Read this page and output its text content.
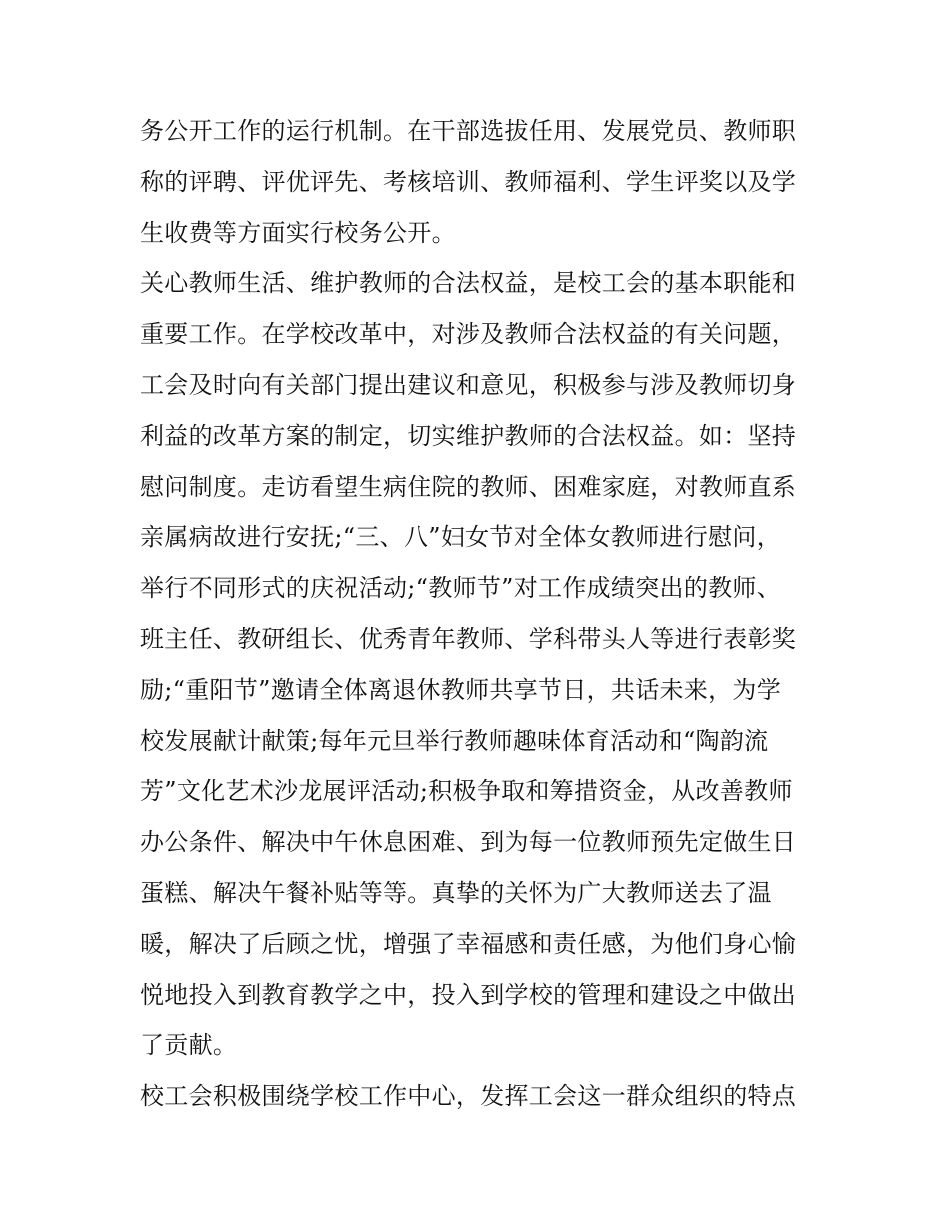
务公开工作的运行机制。在干部选拔任用、发展党员、教师职
称的评聘、评优评先、考核培训、教师福利、学生评奖以及学
生收费等方面实行校务公开。
关心教师生活、维护教师的合法权益，是校工会的基本职能和
重要工作。在学校改革中，对涉及教师合法权益的有关问题，
工会及时向有关部门提出建议和意见，积极参与涉及教师切身
利益的改革方案的制定，切实维护教师的合法权益。如：坚持
慰问制度。走访看望生病住院的教师、困难家庭，对教师直系
亲属病故进行安抚;“三、八”妇女节对全体女教师进行慰问，
举行不同形式的庆祝活动;“教师节”对工作成绩突出的教师、
班主任、教研组长、优秀青年教师、学科带头人等进行表彰奖
励;“重阳节”邀请全体离退休教师共享节日，共话未来，为学
校发展献计献策;每年元旦举行教师趣味体育活动和“陶韵流
芳”文化艺术沙龙展评活动;积极争取和筹措资金，从改善教师
办公条件、解决中午休息困难、到为每一位教师预先定做生日
蛋糕、解决午餐补贴等等。真挚的关怀为广大教师送去了温
暖，解决了后顾之忧，增强了幸福感和责任感，为他们身心愉
悦地投入到教育教学之中，投入到学校的管理和建设之中做出
了贡献。
校工会积极围绕学校工作中心，发挥工会这一群众组织的特点
